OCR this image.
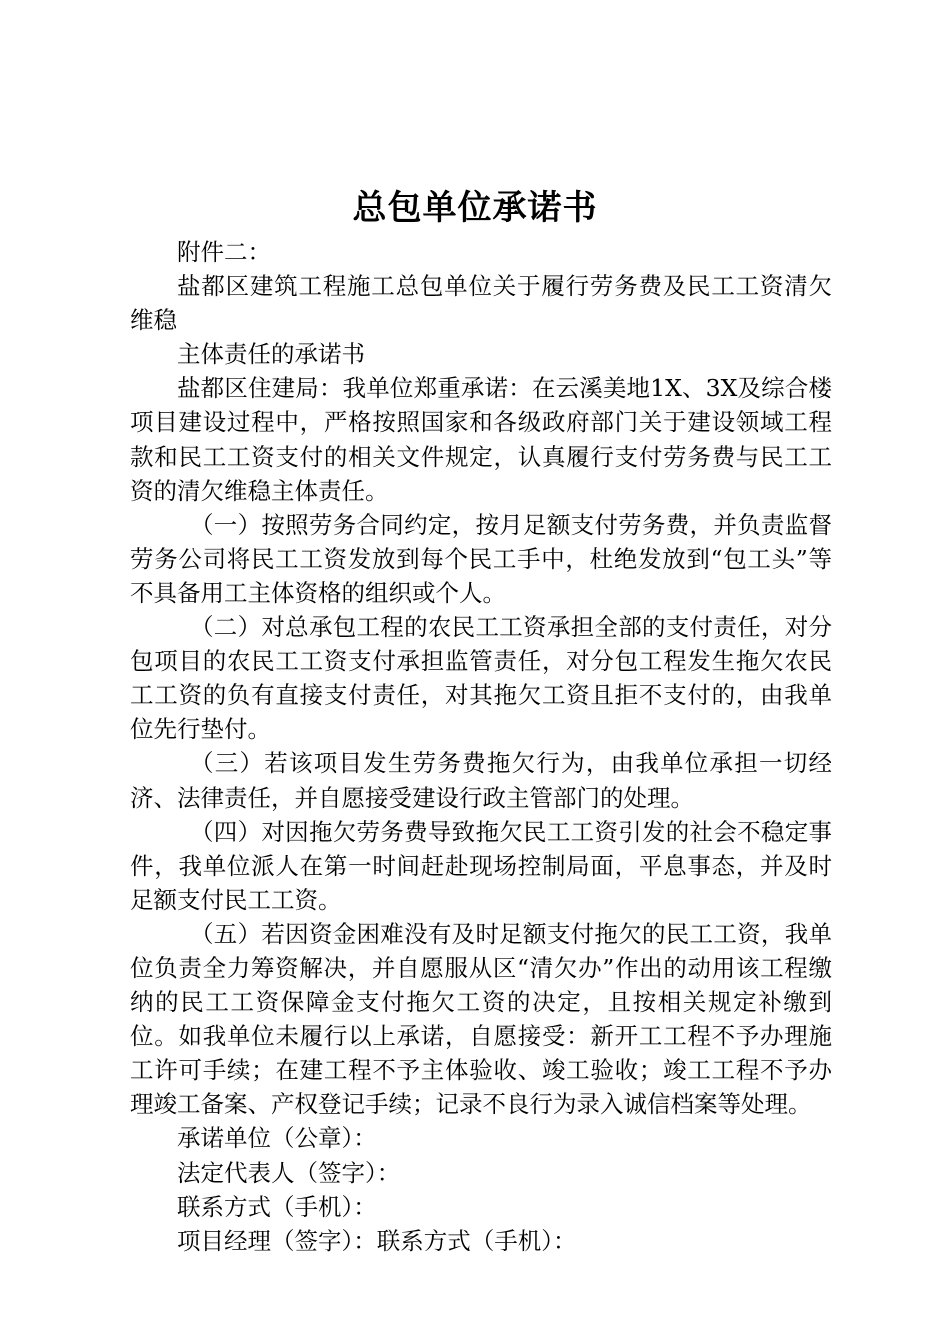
总包单位承诺书

附件二：

盐都区建筑工程施工总包单位关于履行劳务费及民工工资清欠维稳

主体责任的承诺书

盐都区住建局：我单位郑重承诺：在云溪美地1X、3X及综合楼项目建设过程中，严格按照国家和各级政府部门关于建设领域工程款和民工工资支付的相关文件规定，认真履行支付劳务费与民工工资的清欠维稳主体责任。

（一）按照劳务合同约定，按月足额支付劳务费，并负责监督劳务公司将民工工资发放到每个民工手中，杜绝发放到“包工头”等不具备用工主体资格的组织或个人。

（二）对总承包工程的农民工工资承担全部的支付责任，对分包项目的农民工工资支付承担监管责任，对分包工程发生拖欠农民工工资的负有直接支付责任，对其拖欠工资且拒不支付的，由我单位先行垫付。

（三）若该项目发生劳务费拖欠行为，由我单位承担一切经济、法律责任，并自愿接受建设行政主管部门的处理。

（四）对因拖欠劳务费导致拖欠民工工资引发的社会不稳定事件，我单位派人在第一时间赶赴现场控制局面，平息事态，并及时足额支付民工工资。

（五）若因资金困难没有及时足额支付拖欠的民工工资，我单位负责全力筹资解决，并自愿服从区“清欠办”作出的动用该工程缴纳的民工工资保障金支付拖欠工资的决定，且按相关规定补缴到位。如我单位未履行以上承诺，自愿接受：新开工工程不予办理施工许可手续；在建工程不予主体验收、竣工验收；竣工工程不予办理竣工备案、产权登记手续；记录不良行为录入诚信档案等处理。

承诺单位（公章）：

法定代表人（签字）：

联系方式（手机）：

项目经理（签字）：联系方式（手机）：
